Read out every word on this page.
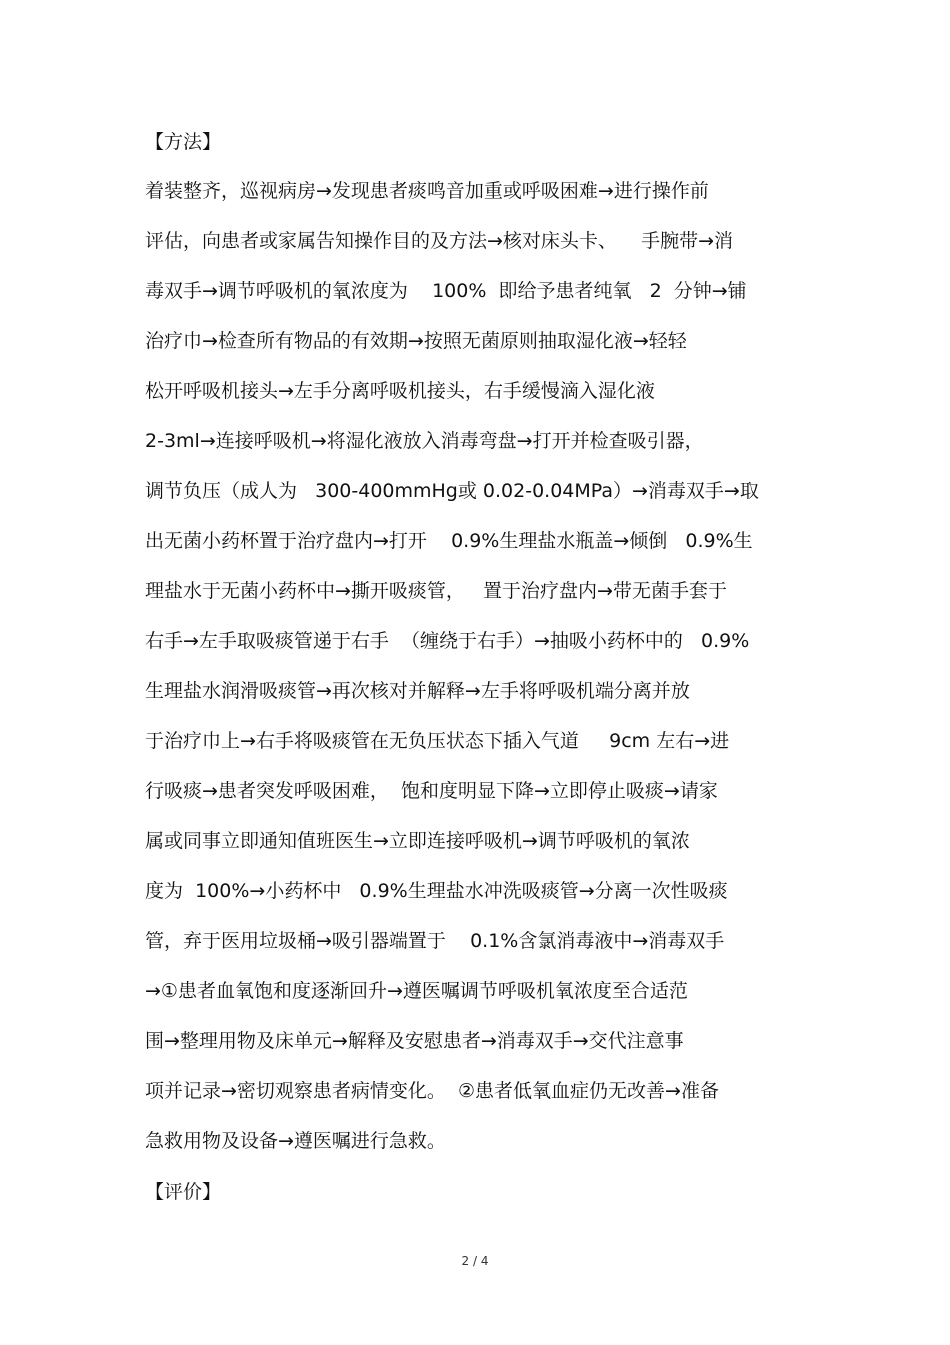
【方法】
着装整齐，巡视病房→发现患者痰鸣音加重或呼吸困难→进行操作前
评估，向患者或家属告知操作目的及方法→核对床头卡、    手腕带→消
毒双手→调节呼吸机的氧浓度为    100%  即给予患者纯氧   2  分钟→铺
治疗巾→检查所有物品的有效期→按照无菌原则抽取湿化液→轻轻
松开呼吸机接头→左手分离呼吸机接头，右手缓慢滴入湿化液
2-3ml→连接呼吸机→将湿化液放入消毒弯盘→打开并检查吸引器，
调节负压（成人为   300-400mmHg或 0.02-0.04MPa）→消毒双手→取
出无菌小药杯置于治疗盘内→打开    0.9%生理盐水瓶盖→倾倒   0.9%生
理盐水于无菌小药杯中→撕开吸痰管，   置于治疗盘内→带无菌手套于
右手→左手取吸痰管递于右手  （缠绕于右手）→抽吸小药杯中的   0.9%
生理盐水润滑吸痰管→再次核对并解释→左手将呼吸机端分离并放
于治疗巾上→右手将吸痰管在无负压状态下插入气道     9cm 左右→进
行吸痰→患者突发呼吸困难，  饱和度明显下降→立即停止吸痰→请家
属或同事立即通知值班医生→立即连接呼吸机→调节呼吸机的氧浓
度为  100%→小药杯中   0.9%生理盐水冲洗吸痰管→分离一次性吸痰
管，弃于医用垃圾桶→吸引器端置于    0.1%含氯消毒液中→消毒双手
→①患者血氧饱和度逐渐回升→遵医嘱调节呼吸机氧浓度至合适范
围→整理用物及床单元→解释及安慰患者→消毒双手→交代注意事
项并记录→密切观察患者病情变化。  ②患者低氧血症仍无改善→准备
急救用物及设备→遵医嘱进行急救。
【评价】
2 / 4
